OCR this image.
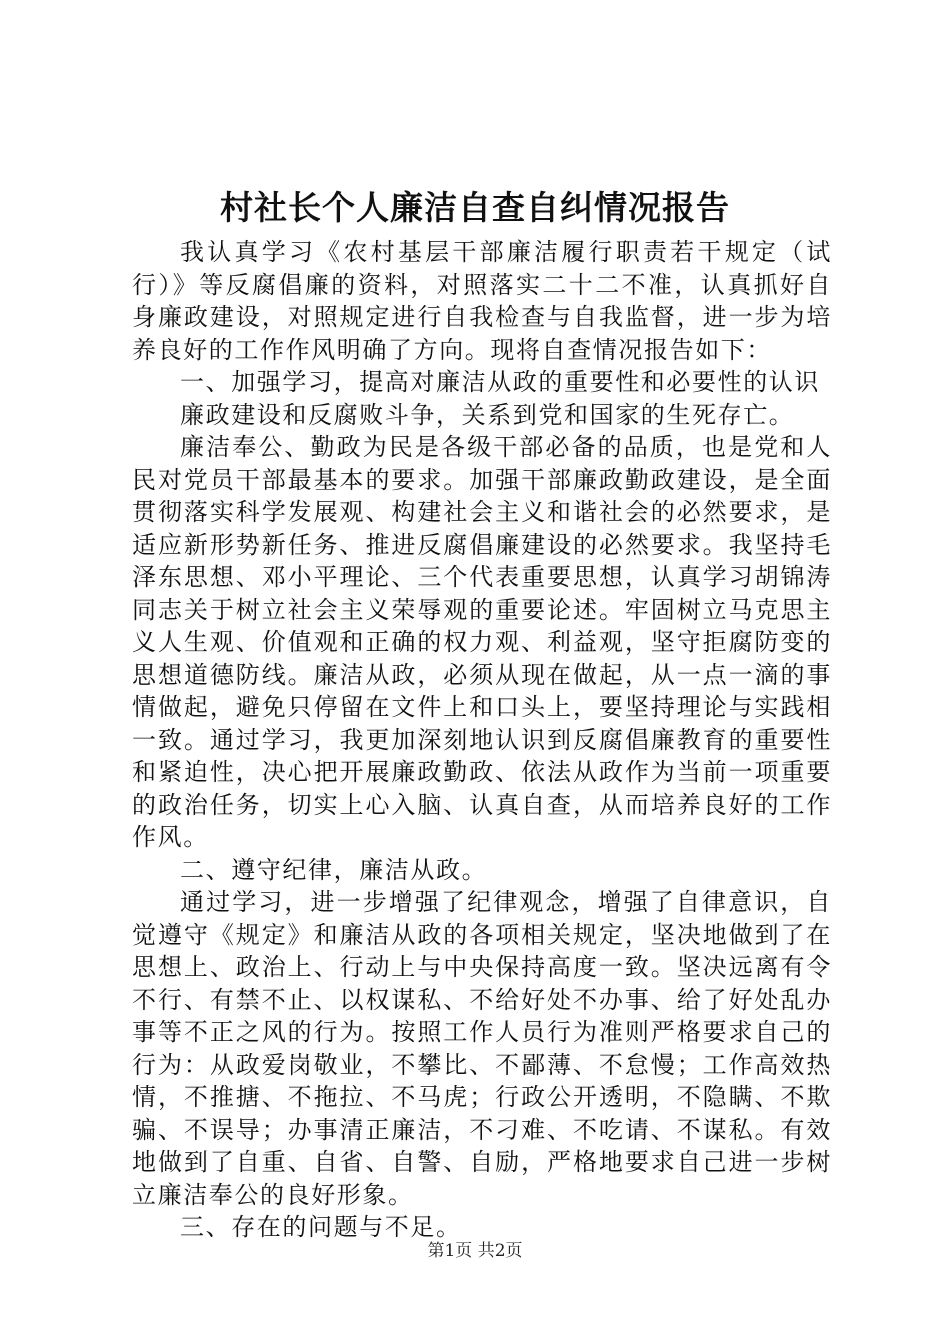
村社长个人廉洁自查自纠情况报告

我认真学习《农村基层干部廉洁履行职责若干规定（试行）》等反腐倡廉的资料，对照落实二十二不准，认真抓好自身廉政建设，对照规定进行自我检查与自我监督，进一步为培养良好的工作作风明确了方向。现将自查情况报告如下：

一、加强学习，提高对廉洁从政的重要性和必要性的认识

廉政建设和反腐败斗争，关系到党和国家的生死存亡。

廉洁奉公、勤政为民是各级干部必备的品质，也是党和人民对党员干部最基本的要求。加强干部廉政勤政建设，是全面贯彻落实科学发展观、构建社会主义和谐社会的必然要求，是适应新形势新任务、推进反腐倡廉建设的必然要求。我坚持毛泽东思想、邓小平理论、三个代表重要思想，认真学习胡锦涛同志关于树立社会主义荣辱观的重要论述。牢固树立马克思主义人生观、价值观和正确的权力观、利益观，坚守拒腐防变的思想道德防线。廉洁从政，必须从现在做起，从一点一滴的事情做起，避免只停留在文件上和口头上，要坚持理论与实践相一致。通过学习，我更加深刻地认识到反腐倡廉教育的重要性和紧迫性，决心把开展廉政勤政、依法从政作为当前一项重要的政治任务，切实上心入脑、认真自查，从而培养良好的工作作风。

二、遵守纪律，廉洁从政。

通过学习，进一步增强了纪律观念，增强了自律意识，自觉遵守《规定》和廉洁从政的各项相关规定，坚决地做到了在思想上、政治上、行动上与中央保持高度一致。坚决远离有令不行、有禁不止、以权谋私、不给好处不办事、给了好处乱办事等不正之风的行为。按照工作人员行为准则严格要求自己的行为：从政爱岗敬业，不攀比、不鄙薄、不怠慢；工作高效热情，不推搪、不拖拉、不马虎；行政公开透明，不隐瞒、不欺骗、不误导；办事清正廉洁，不刁难、不吃请、不谋私。有效地做到了自重、自省、自警、自励，严格地要求自己进一步树立廉洁奉公的良好形象。

三、存在的问题与不足。

第1页 共2页
